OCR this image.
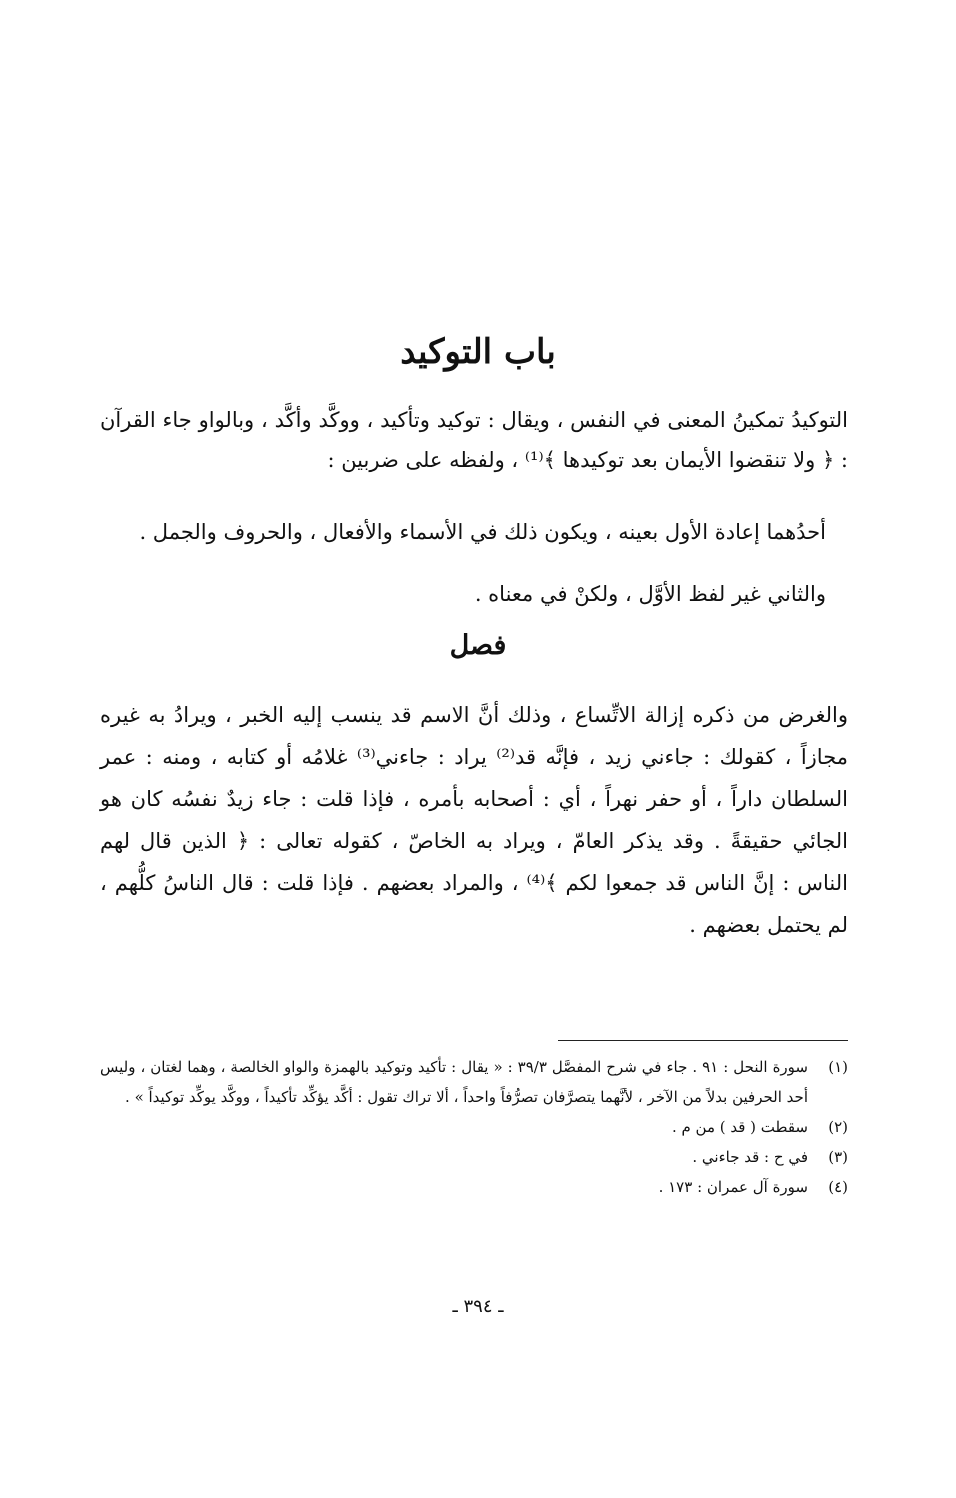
باب التوكيد

التوكيدُ تمكينُ المعنى في النفس ، ويقال : توكيد وتأكيد ، ووكَّد وأكَّد ، وبالواو جاء القرآن : ﴿ ولا تنقضوا الأيمان بعد توكيدها ﴾⁽¹⁾ ، ولفظه على ضربين :

أحدُهما إعادة الأول بعينه ، ويكون ذلك في الأسماء والأفعال ، والحروف والجمل .

والثاني غير لفظ الأوَّل ، ولكنْ في معناه .

فصل

والغرض من ذكره إزالة الاتِّساع ، وذلك أنَّ الاسم قد ينسب إليه الخبر ، ويرادُ به غيره مجازاً ، كقولك : جاءني زيد ، فإنَّه قد⁽²⁾ يراد : جاءني⁽³⁾ غلامُه أو كتابه ، ومنه : عمر السلطان داراً ، أو حفر نهراً ، أي : أصحابه بأمره ، فإذا قلت : جاء زيدٌ نفسُه كان هو الجائي حقيقةً . وقد يذكر العامّ ، ويراد به الخاصّ ، كقوله تعالى : ﴿ الذين قال لهم الناس : إنَّ الناس قد جمعوا لكم ﴾⁽⁴⁾ ، والمراد بعضهم . فإذا قلت : قال الناسُ كلُّهم ، لم يحتمل بعضهم .

(١)
سورة النحل : ٩١ . جاء في شرح المفصَّل ٣٩/٣ : « يقال : تأكيد وتوكيد بالهمزة والواو الخالصة ، وهما لغتان ، وليس أحد الحرفين بدلاً من الآخر ، لأنَّهما يتصرَّفان تصرُّفاً واحداً ، ألا تراك تقول : أكَّد يؤكِّد تأكيداً ، ووكَّد يوكِّد توكيداً » .
(٢)
سقطت ( قد ) من م .
(٣)
في ح : قد جاءني .
(٤)
سورة آل عمران : ١٧٣ .

ـ ٣٩٤ ـ
